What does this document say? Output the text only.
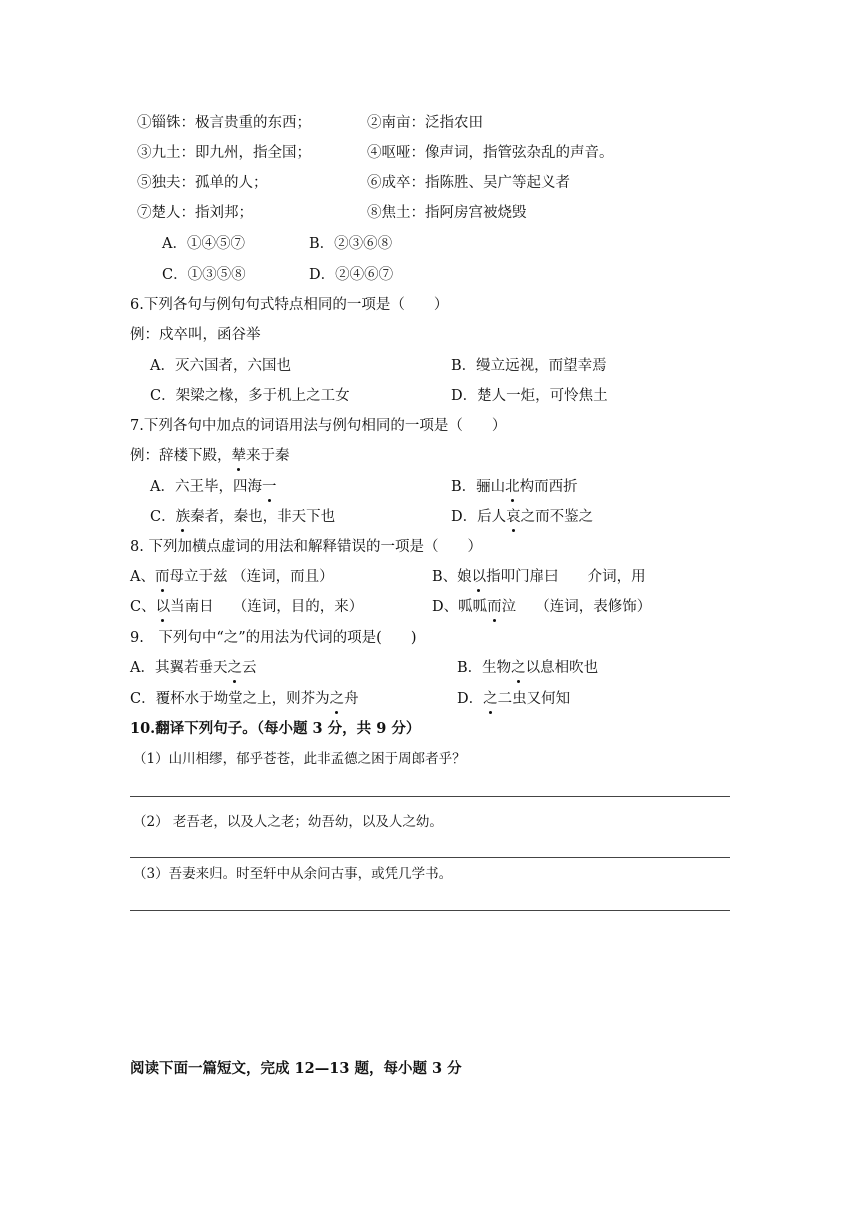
①锱铢：极言贵重的东西；	②南亩：泛指农田
③九土：即九州，指全国；	④呕哑：像声词，指管弦杂乱的声音。
⑤独夫：孤单的人；	⑥成卒：指陈胜、吴广等起义者
⑦楚人：指刘邦；	⑧焦土：指阿房宫被烧毁
A．①④⑤⑦	B．②③⑥⑧
C．①③⑤⑧	D．②④⑥⑦
6.下列各句与例句句式特点相同的一项是（　　）
例：戍卒叫，函谷举
A．灭六国者，六国也	B．缦立远视，而望幸焉
C．架梁之椽，多于机上之工女	D．楚人一炬，可怜焦土
7.下列各句中加点的词语用法与例句相同的一项是（　　）
例：辞楼下殿，辇来于秦
A．六王毕，四海一	B．骊山北构而西折
C．族秦者，秦也，非天下也	D．后人哀之而不鉴之
8. 下列加横点虚词的用法和解释错误的一项是（　　）
A、而母立于兹 （连词，而且）	B、娘以指叩门扉曰　　介词，用
C、以当南日　 （连词，目的，来）	D、呱呱而泣　 （连词，表修饰）
9.　下列句中“之”的用法为代词的项是(　　)
A．其翼若垂天之云	B．生物之以息相吹也
C．覆杯水于坳堂之上，则芥为之舟	D．之二虫又何知
10.翻译下列句子。（每小题 3 分，共 9 分）
（1）山川相缪，郁乎苍苍，此非孟德之困于周郎者乎？
（2） 老吾老，以及人之老；幼吾幼，以及人之幼。
（3）吾妻来归。时至轩中从余问古事，或凭几学书。
阅读下面一篇短文，完成 12—13 题，每小题 3 分
